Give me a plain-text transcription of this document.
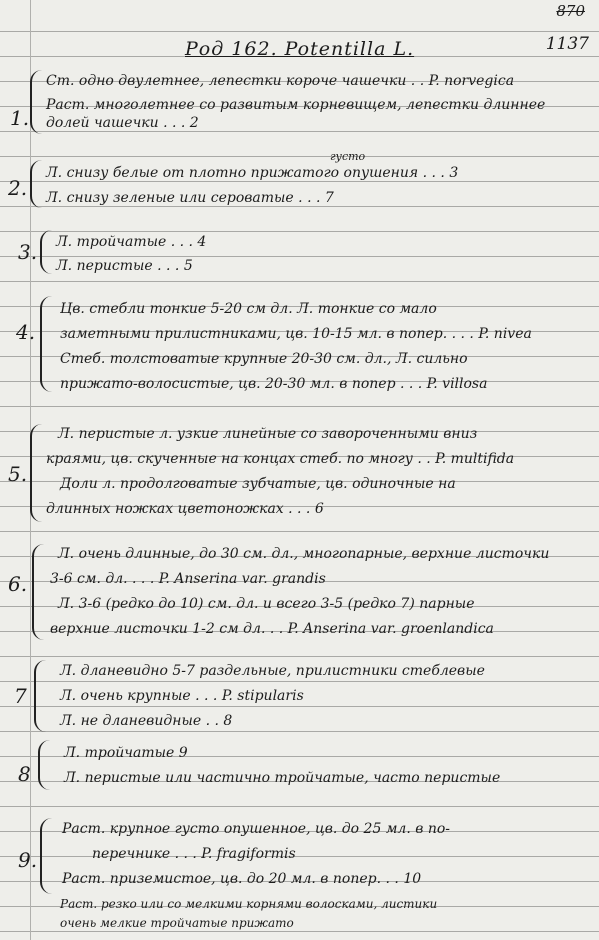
870
1137
Род 162. Potentilla L.
1.
Ст. одно двулетнее, лепестки короче чашечки . . P. norvegica
Раст. многолетнее со развитым корневищем, лепестки длиннее долей чашечки . . . 2
2.
густо
Л. снизу белые от плотно прижатого опушения . . . 3
Л. снизу зеленые или сероватые . . . 7
3. Л. тройчатые . . . 4
Л. перистые . . . 5
4.
Цв. стебли тонкие 5-20 см дл. Л. тонкие со мало
заметными прилистниками, цв. 10-15 мл. в попер. . . . P. nivea
Стеб. толстоватые крупные 20-30 см. дл., Л. сильно
прижато-волосистые, цв. 20-30 мл. в попер . . . P. villosa
5.
Л. перистые л. узкие линейные со завороченными вниз
краями, цв. скученные на концах стеб. по многу . . P. multifida
Доли л. продолговатые зубчатые, цв. одиночные на
длинных ножках цветоножках . . . 6
6.
Л. очень длинные, до 30 см. дл., многопарные, верхние листочки
3-6 см. дл. . . . P. Anserina var. grandis
Л. 3-6 (редко до 10) см. дл. и всего 3-5 (редко 7) парные
верхние листочки 1-2 см дл. . . P. Anserina var. groenlandica
7
Л. дланевидно 5-7 раздельные, прилистники стеблевые
Л. очень крупные . . . P. stipularis
Л. не дланевидные . . 8
8
Л. тройчатые 9
Л. перистые или частично тройчатые, часто перистые
9.
Раст. крупное густо опушенное, цв. до 25 мл. в по-
перечнике . . . P. fragiformis
Раст. приземистое, цв. до 20 мл. в попер. . . 10
Раст. резко или со мелкими корнями волосками, листики
очень мелкие тройчатые прижато
